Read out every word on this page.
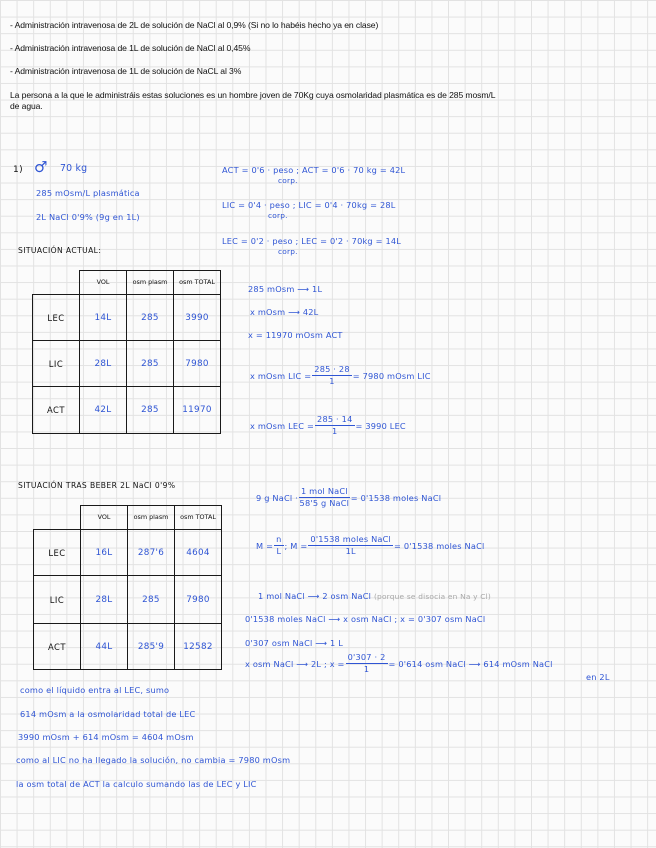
- Administración intravenosa de 2L de solución de NaCl al 0,9% (Si no lo habéis hecho ya en clase)
- Administración intravenosa de 1L de solución de NaCl al 0,45%
- Administración intravenosa de 1L de solución de NaCL al 3%
La persona a la que le administráis estas soluciones es un hombre joven de 70Kg cuya osmolaridad plasmática es de 285 mosm/L
de agua.
1) ♂ 70 kg
285 mOsm/L plasmática
2L NaCl 0'9% (9g en 1L)
ACT = 0'6 · peso ; ACT = 0'6 · 70 kg = 42L
corp.
LIC = 0'4 · peso ; LIC = 0'4 · 70kg = 28L
corp.
LEC = 0'2 · peso ; LEC = 0'2 · 70kg = 14L
corp.
SITUACIÓN ACTUAL:
	VOL	osm plasm	osm TOTAL
LEC	14L	285	3990
LIC	28L	285	7980
ACT	42L	285	11970
285 mOsm ⟶ 1L
x mOsm ⟶ 42L
x = 11970 mOsm ACT
x mOsm LIC = $\frac{285 \cdot 28}{1} = 7980$ mOsm LIC
x mOsm LEC = $\frac{285 \cdot 14}{1} = 3990$ LEC
SITUACIÓN TRAS BEBER 2L NaCl 0'9%
	VOL	osm plasm	osm TOTAL
LEC	16L	287'6	4604
LIC	28L	285	7980
ACT	44L	285'9	12582
9 g NaCl · $\frac{\text{1 mol NaCl}}{\text{58'5 g NaCl}} = 0'1538$ moles NaCl
$M = \frac{n}{L}$ ; $M = \frac{\text{0'1538 moles NaCl}}{1L} = 0'1538$ moles NaCl
1 mol NaCl ⟶ 2 osm NaCl (porque se disocia en Na y Cl)
0'1538 moles NaCl ⟶ x osm NaCl ; x = 0'307 osm NaCl
0'307 osm NaCl ⟶ 1 L
x osm NaCl ⟶ 2L ; $x = \frac{0'307 \cdot 2}{1} = 0'614$ osm NaCl ⟶ 614 mOsm NaCl
en 2L
como el líquido entra al LEC, sumo
614 mOsm a la osmolaridad total de LEC
3990 mOsm + 614 mOsm = 4604 mOsm
como al LIC no ha llegado la solución, no cambia = 7980 mOsm
la osm total de ACT la calculo sumando las de LEC y LIC
